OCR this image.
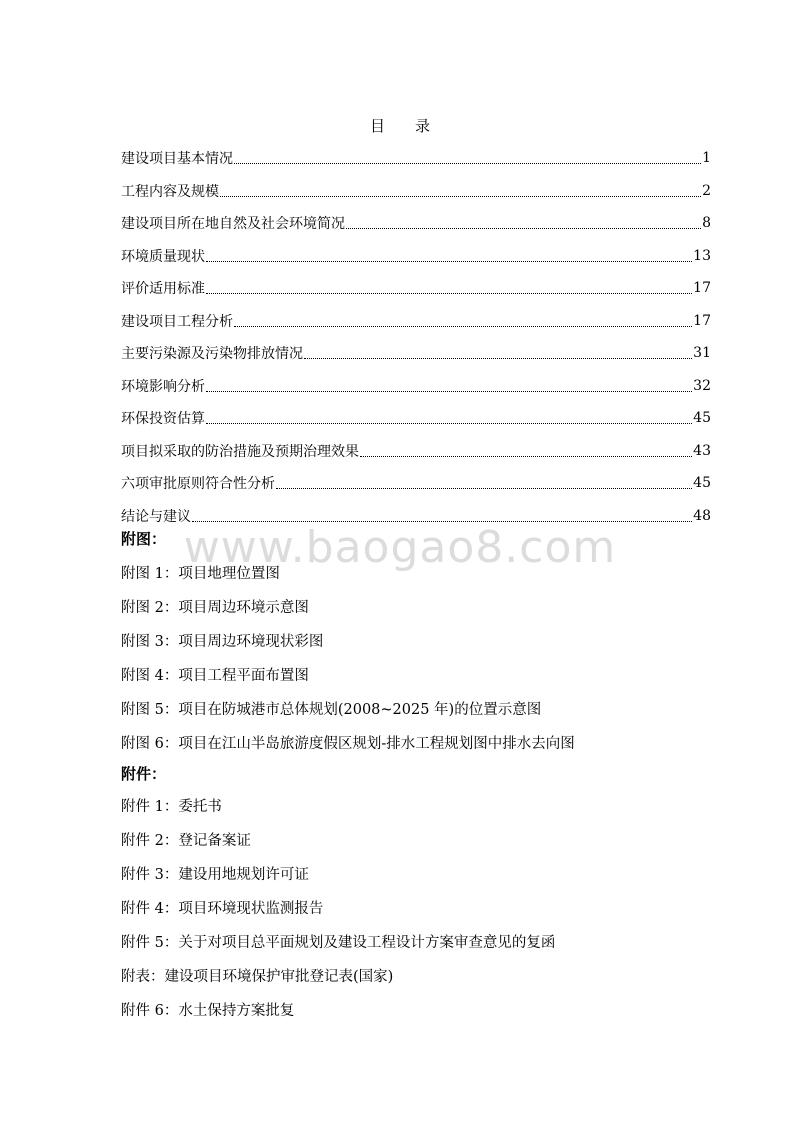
目 录
建设项目基本情况	1
工程内容及规模	2
建设项目所在地自然及社会环境简况	8
环境质量现状	13
评价适用标准	17
建设项目工程分析	17
主要污染源及污染物排放情况	31
环境影响分析	32
环保投资估算	45
项目拟采取的防治措施及预期治理效果	43
六项审批原则符合性分析	45
结论与建议	48
www.baogao8.com
附图：
附图 1：项目地理位置图
附图 2：项目周边环境示意图
附图 3：项目周边环境现状彩图
附图 4：项目工程平面布置图
附图 5：项目在防城港市总体规划(2008~2025 年)的位置示意图
附图 6：项目在江山半岛旅游度假区规划-排水工程规划图中排水去向图
附件：
附件 1：委托书
附件 2：登记备案证
附件 3：建设用地规划许可证
附件 4：项目环境现状监测报告
附件 5：关于对项目总平面规划及建设工程设计方案审查意见的复函
附表：建设项目环境保护审批登记表(国家)
附件 6：水土保持方案批复
